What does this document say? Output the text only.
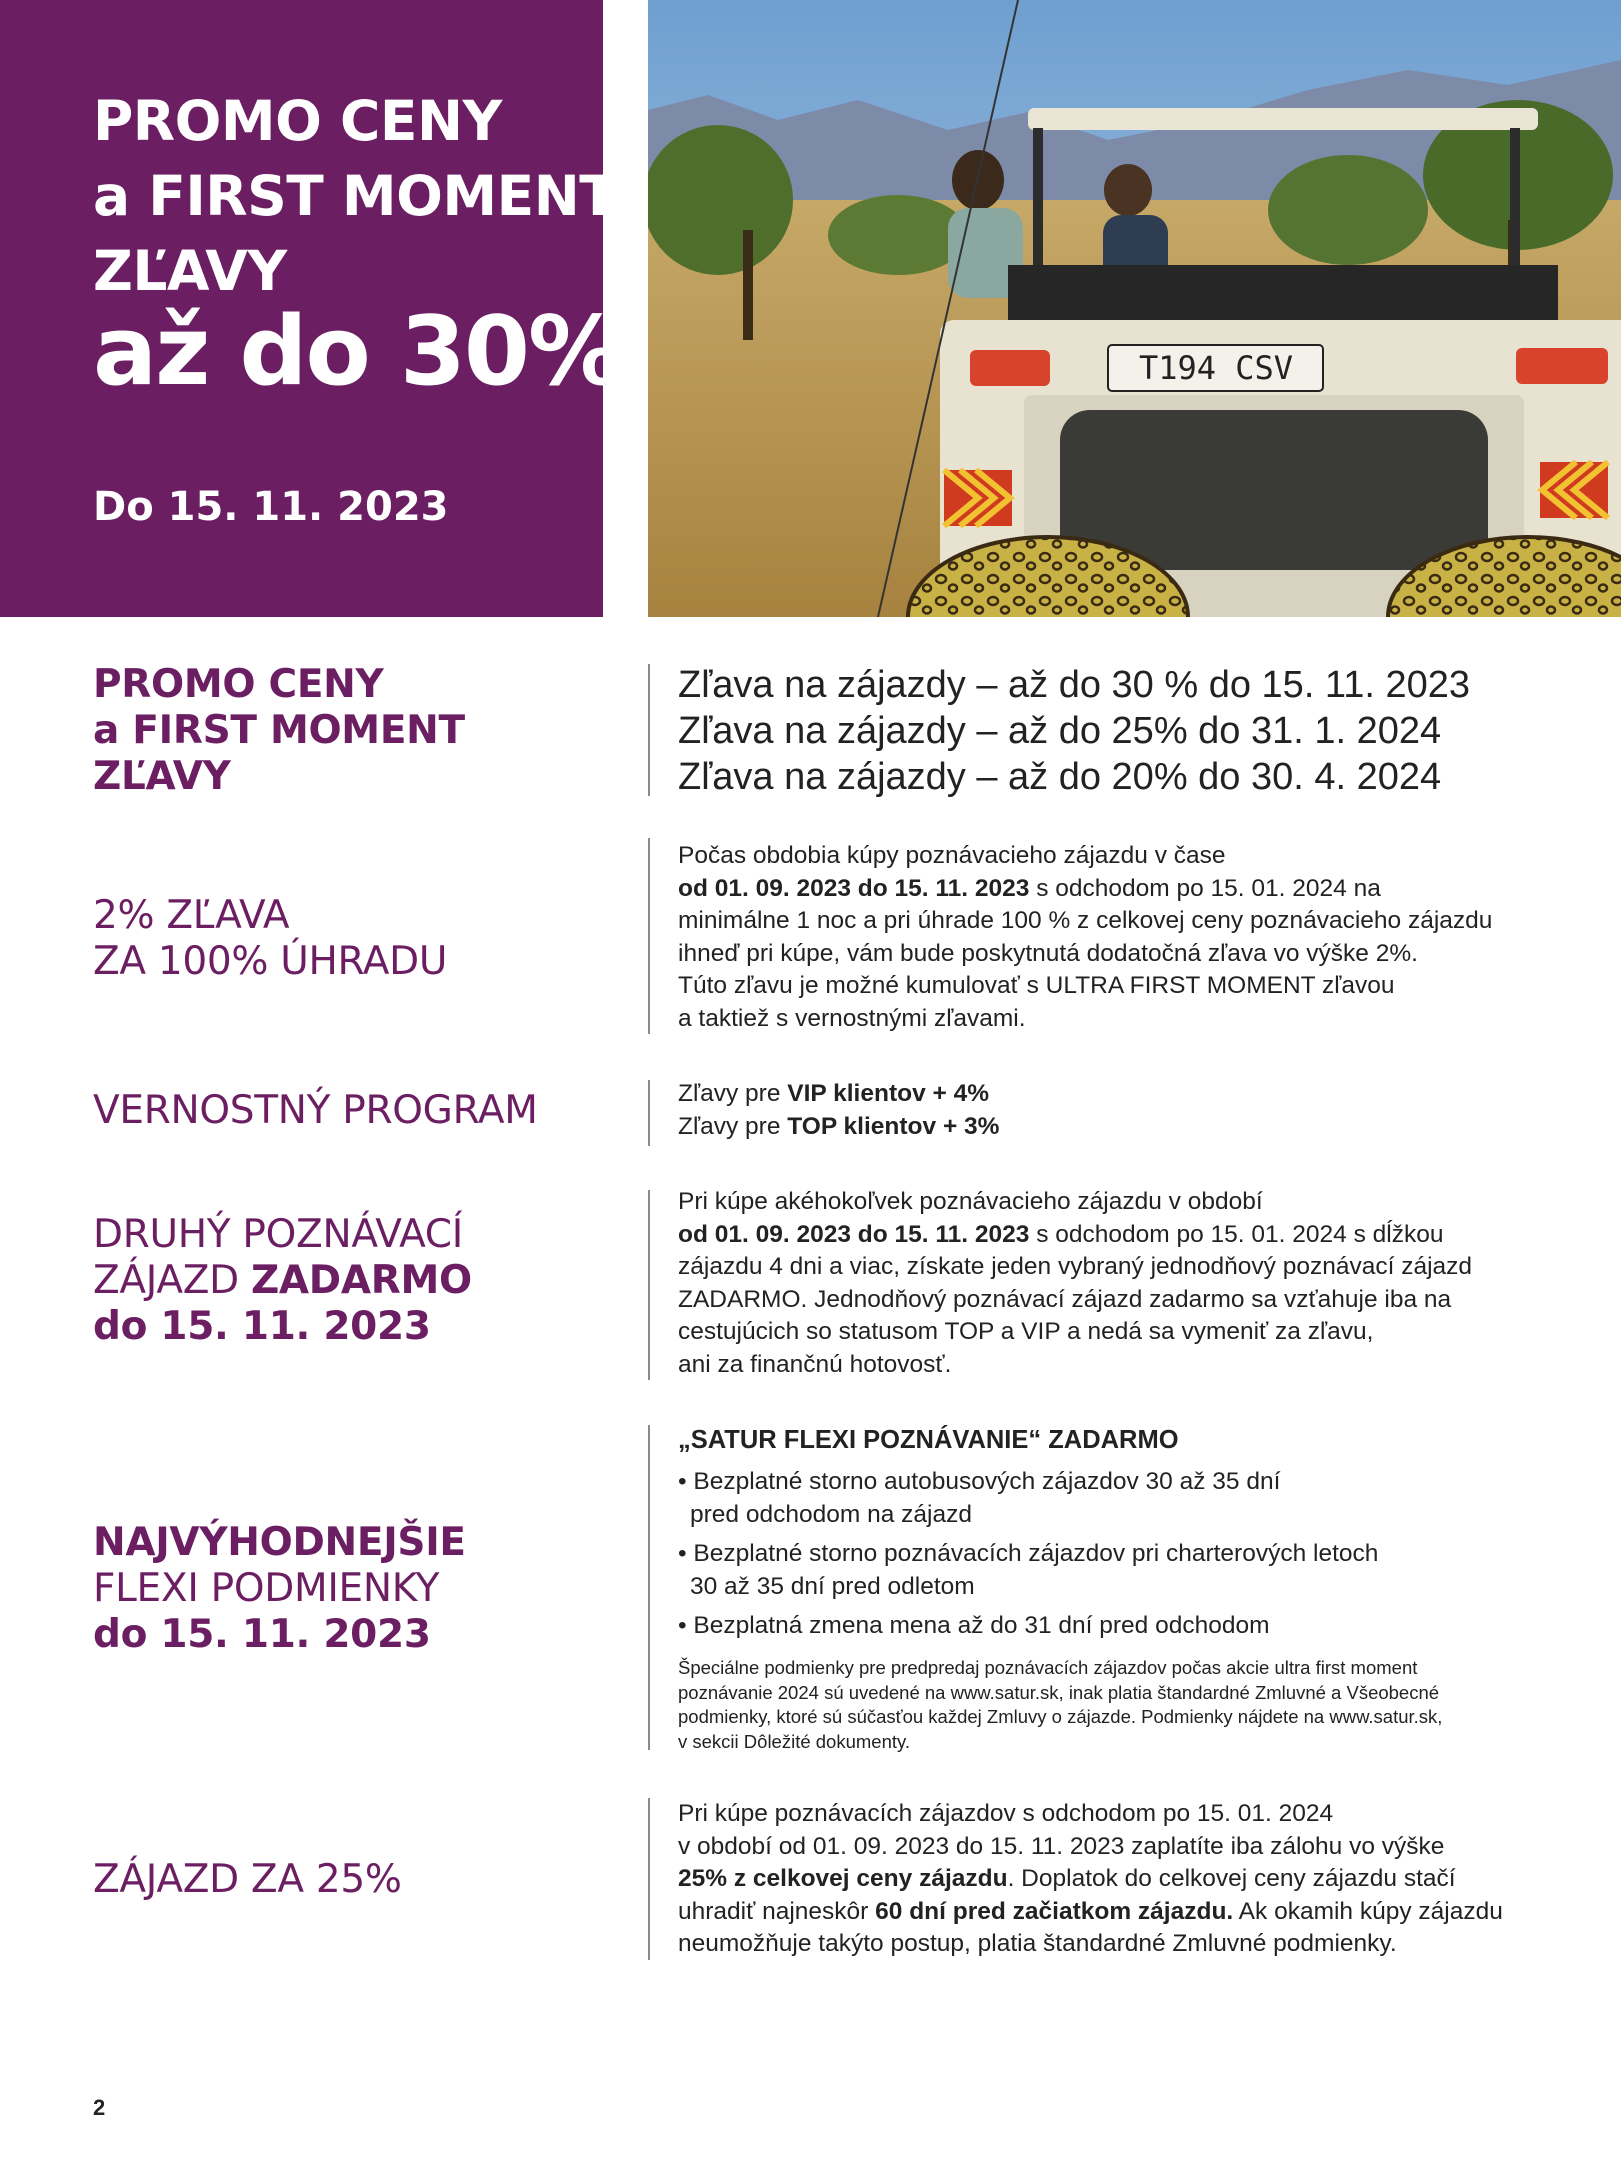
PROMO CENY
a FIRST MOMENT
ZĽAVY
až do 30%
Do 15. 11. 2023
T194 CSV
PROMO CENY
a FIRST MOMENT
ZĽAVY
Zľava na zájazdy – až do 30 % do 15. 11. 2023
Zľava na zájazdy – až do 25% do 31. 1. 2024
Zľava na zájazdy – až do 20% do 30. 4. 2024
2% ZĽAVA
ZA 100% ÚHRADU
Počas obdobia kúpy poznávacieho zájazdu v čase
od 01. 09. 2023 do 15. 11. 2023 s odchodom po 15. 01. 2024 na
minimálne 1 noc a pri úhrade 100 % z celkovej ceny poznávacieho zájazdu
ihneď pri kúpe, vám bude poskytnutá dodatočná zľava vo výške 2%.
Túto zľavu je možné kumulovať s ULTRA FIRST MOMENT zľavou
a taktiež s vernostnými zľavami.
VERNOSTNÝ PROGRAM	Zľavy pre VIP klientov + 4%
Zľavy pre TOP klientov + 3%
DRUHÝ POZNÁVACÍ
ZÁJAZD ZADARMO
do 15. 11. 2023
Pri kúpe akéhokoľvek poznávacieho zájazdu v období
od 01. 09. 2023 do 15. 11. 2023 s odchodom po 15. 01. 2024 s dĺžkou
zájazdu 4 dni a viac, získate jeden vybraný jednodňový poznávací zájazd
ZADARMO. Jednodňový poznávací zájazd zadarmo sa vzťahuje iba na
cestujúcich so statusom TOP a VIP a nedá sa vymeniť za zľavu,
ani za finančnú hotovosť.
NAJVÝHODNEJŠIE
FLEXI PODMIENKY
do 15. 11. 2023
„SATUR FLEXI POZNÁVANIE“ ZADARMO
• Bezplatné storno autobusových zájazdov 30 až 35 dní
pred odchodom na zájazd
• Bezplatné storno poznávacích zájazdov pri charterových letoch
30 až 35 dní pred odletom
• Bezplatná zmena mena až do 31 dní pred odchodom
Špeciálne podmienky pre predpredaj poznávacích zájazdov počas akcie ultra first moment
poznávanie 2024 sú uvedené na www.satur.sk, inak platia štandardné Zmluvné a Všeobecné
podmienky, ktoré sú súčasťou každej Zmluvy o zájazde. Podmienky nájdete na www.satur.sk,
v sekcii Dôležité dokumenty.
ZÁJAZD ZA 25%
Pri kúpe poznávacích zájazdov s odchodom po 15. 01. 2024
v období od 01. 09. 2023 do 15. 11. 2023 zaplatíte iba zálohu vo výške
25% z celkovej ceny zájazdu. Doplatok do celkovej ceny zájazdu stačí
uhradiť najneskôr 60 dní pred začiatkom zájazdu. Ak okamih kúpy zájazdu
neumožňuje takýto postup, platia štandardné Zmluvné podmienky.
2
